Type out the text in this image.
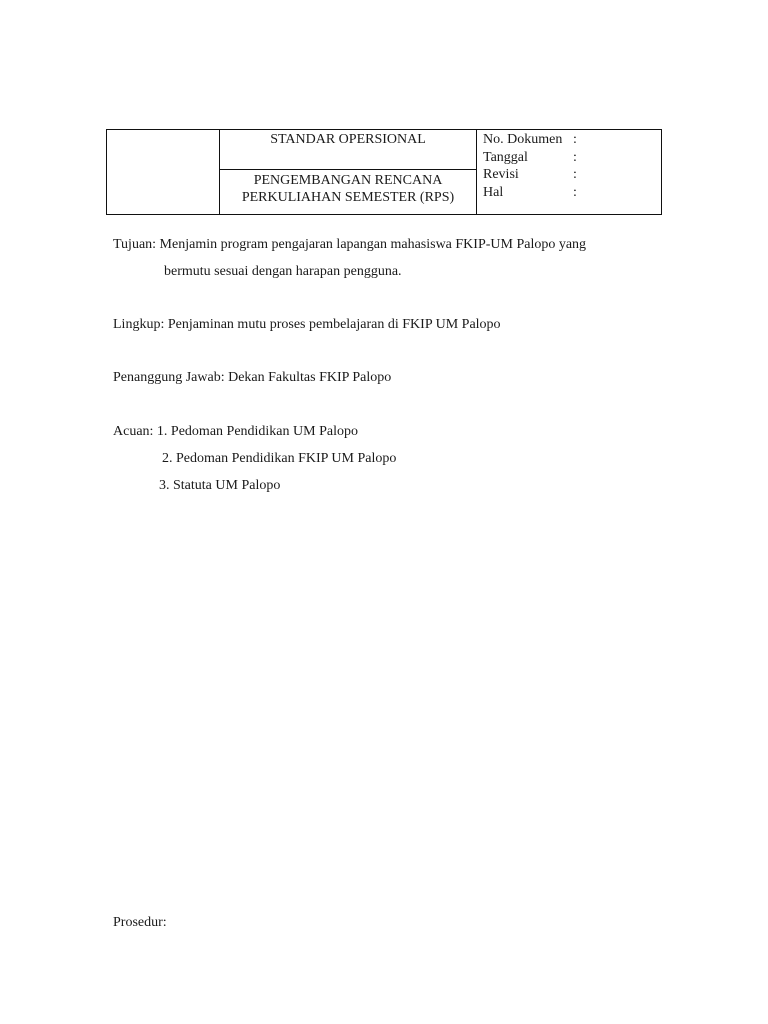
STANDAR OPERSIONAL
PENGEMBANGAN RENCANA
PERKULIAHAN SEMESTER (RPS)
No. Dokumen :
Tanggal	:
Revisi	:
Hal	:
Tujuan: Menjamin program pengajaran lapangan mahasiswa FKIP-UM Palopo yang
bermutu sesuai dengan harapan pengguna.
Lingkup: Penjaminan mutu proses pembelajaran di FKIP UM Palopo
Penanggung Jawab: Dekan Fakultas FKIP Palopo
Acuan: 1. Pedoman Pendidikan UM Palopo
2. Pedoman Pendidikan FKIP UM Palopo
3. Statuta UM Palopo
Prosedur:
